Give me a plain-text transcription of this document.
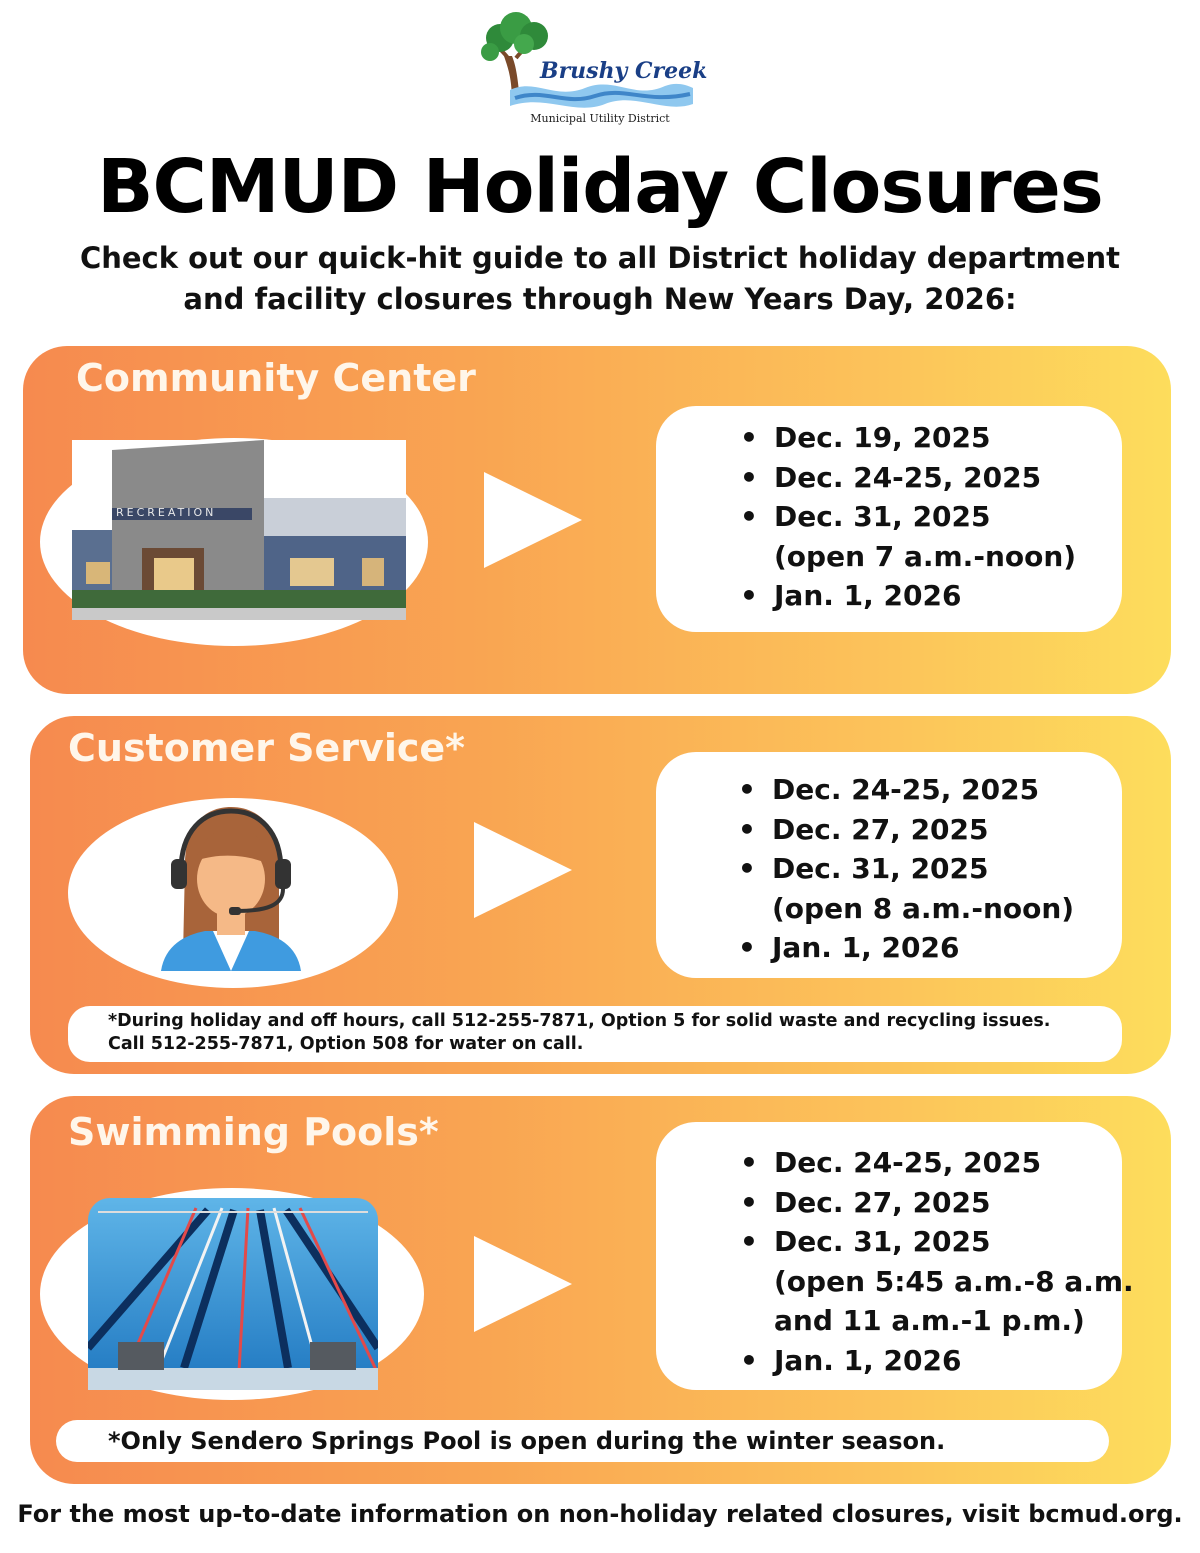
Brushy Creek
Municipal Utility District
BCMUD Holiday Closures
Check out our quick-hit guide to all District holiday department
and facility closures through New Years Day, 2026:
Community Center
RECREATION
• Dec. 19, 2025
• Dec. 24-25, 2025
• Dec. 31, 2025
(open 7 a.m.-noon)
• Jan. 1, 2026
Customer Service*
• Dec. 24-25, 2025
• Dec. 27, 2025
• Dec. 31, 2025
(open 8 a.m.-noon)
• Jan. 1, 2026
*During holiday and off hours, call 512-255-7871, Option 5 for solid waste and recycling issues.
Call 512-255-7871, Option 508 for water on call.
Swimming Pools*
• Dec. 24-25, 2025
• Dec. 27, 2025
• Dec. 31, 2025
(open 5:45 a.m.-8 a.m.
and 11 a.m.-1 p.m.)
• Jan. 1, 2026
*Only Sendero Springs Pool is open during the winter season.
For the most up-to-date information on non-holiday related closures, visit bcmud.org.
